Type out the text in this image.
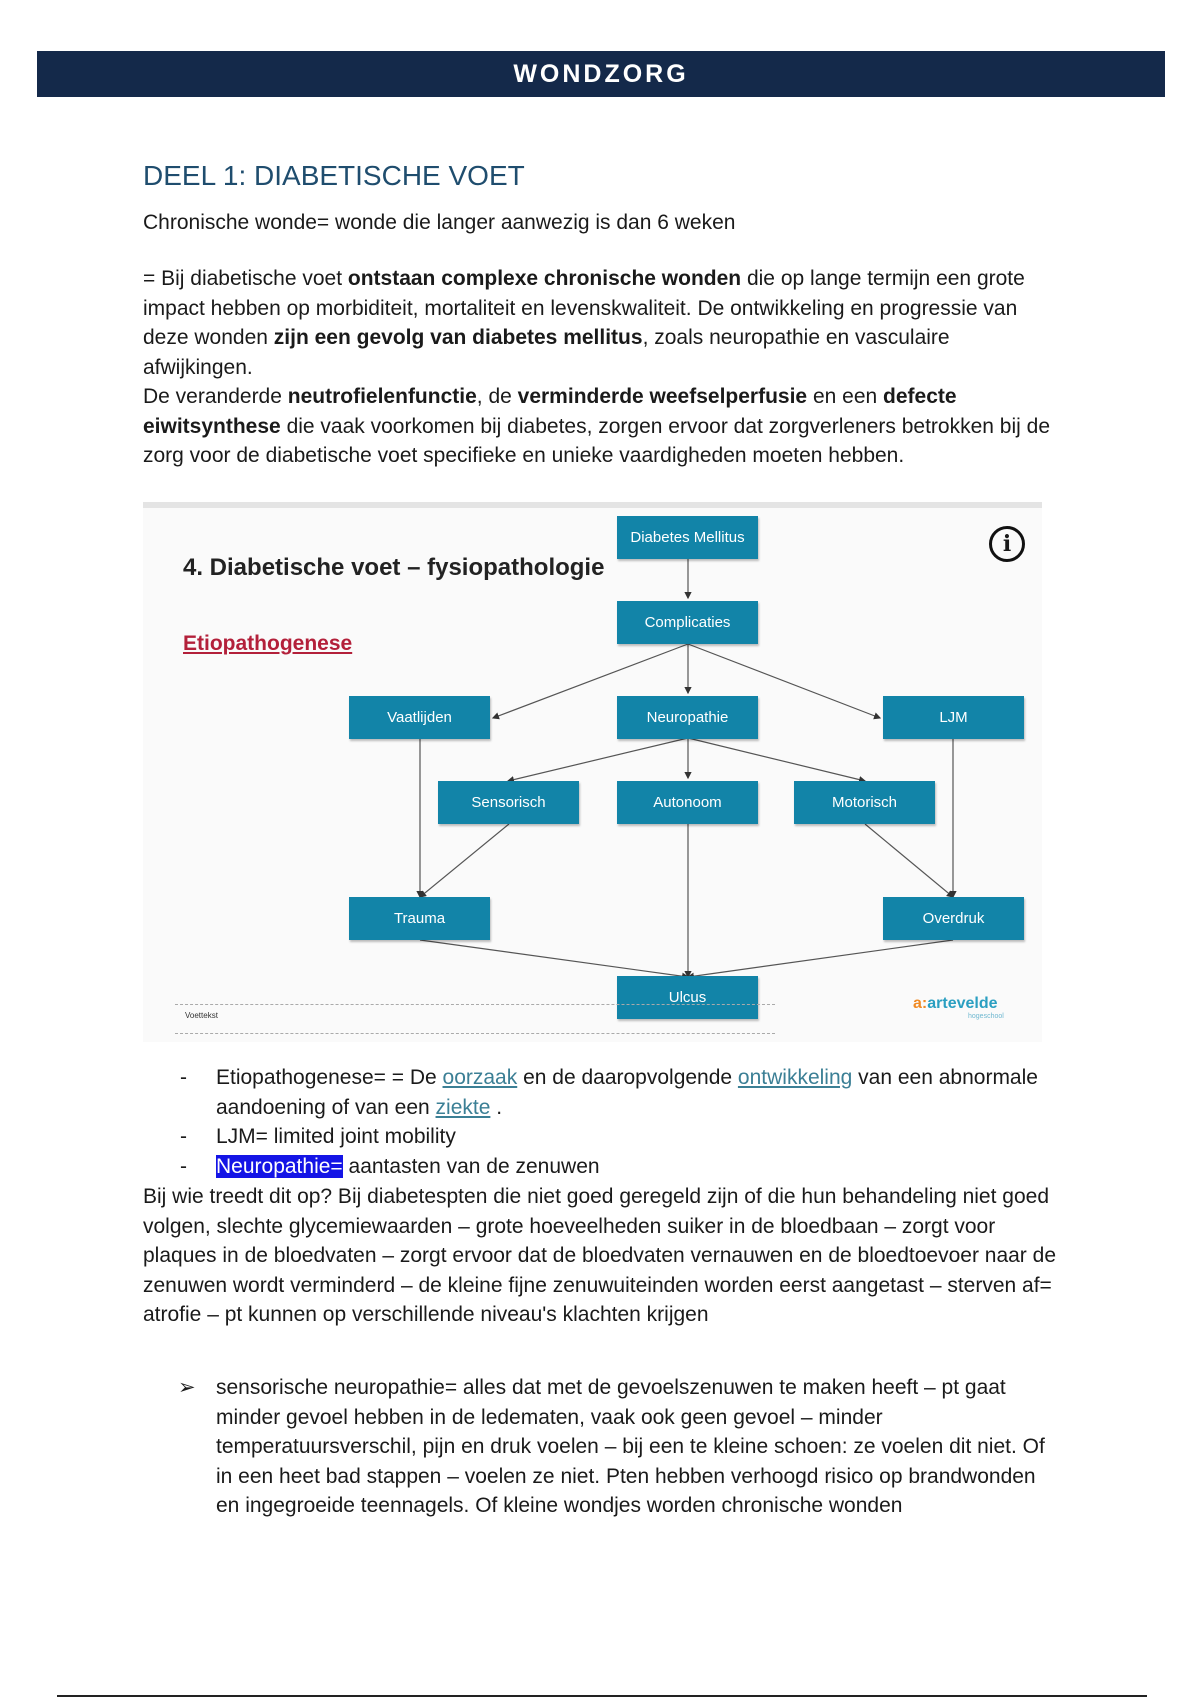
WONDZORG
DEEL 1: DIABETISCHE VOET
Chronische wonde= wonde die langer aanwezig is dan 6 weken
= Bij diabetische voet ontstaan complexe chronische wonden die op lange termijn een grote impact hebben op morbiditeit, mortaliteit en levenskwaliteit. De ontwikkeling en progressie van deze wonden zijn een gevolg van diabetes mellitus, zoals neuropathie en vasculaire afwijkingen.
De veranderde neutrofielenfunctie, de verminderde weefselperfusie en een defecte eiwitsynthese die vaak voorkomen bij diabetes, zorgen ervoor dat zorgverleners betrokken bij de zorg voor de diabetische voet specifieke en unieke vaardigheden moeten hebben.
4. Diabetische voet – fysiopathologie
Etiopathogenese
i
Diabetes Mellitus
Complicaties
Vaatlijden	Neuropathie	LJM
Sensorisch	Autonoom	Motorisch
Trauma	Overdruk
Ulcus
Voettekst
a:artevelde
hogeschool
- Etiopathogenese= = De oorzaak en de daaropvolgende ontwikkeling van een abnormale aandoening of van een ziekte .
- LJM= limited joint mobility
- Neuropathie= aantasten van de zenuwen
Bij wie treedt dit op? Bij diabetespten die niet goed geregeld zijn of die hun behandeling niet goed volgen, slechte glycemiewaarden – grote hoeveelheden suiker in de bloedbaan – zorgt voor plaques in de bloedvaten – zorgt ervoor dat de bloedvaten vernauwen en de bloedtoevoer naar de zenuwen wordt verminderd – de kleine fijne zenuwuiteinden worden eerst aangetast – sterven af= atrofie – pt kunnen op verschillende niveau's klachten krijgen
➢ sensorische neuropathie= alles dat met de gevoelszenuwen te maken heeft – pt gaat minder gevoel hebben in de ledematen, vaak ook geen gevoel – minder temperatuursverschil, pijn en druk voelen – bij een te kleine schoen: ze voelen dit niet. Of in een heet bad stappen – voelen ze niet. Pten hebben verhoogd risico op brandwonden en ingegroeide teennagels. Of kleine wondjes worden chronische wonden
